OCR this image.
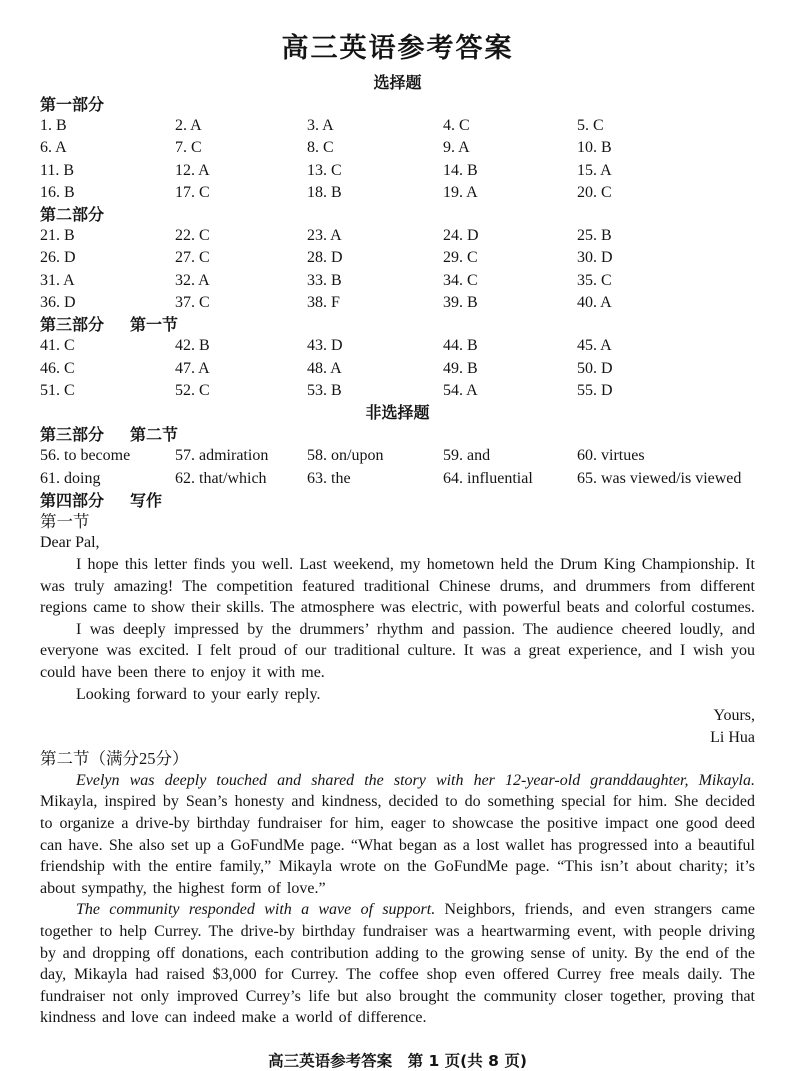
高三英语参考答案
选择题
第一部分
1. B	2. A	3. A	4. C	5. C
6. A	7. C	8. C	9. A	10. B
11. B	12. A	13. C	14. B	15. A
16. B	17. C	18. B	19. A	20. C
第二部分
21. B	22. C	23. A	24. D	25. B
26. D	27. C	28. D	29. C	30. D
31. A	32. A	33. B	34. C	35. C
36. D	37. C	38. F	39. B	40. A
第三部分 第一节
41. C	42. B	43. D	44. B	45. A
46. C	47. A	48. A	49. B	50. D
51. C	52. C	53. B	54. A	55. D
非选择题
第三部分 第二节
56. to become	57. admiration	58. on/upon	59. and	60. virtues
61. doing	62. that/which	63. the	64. influential	65. was viewed/is viewed
第四部分 写作
第一节
Dear Pal,

I hope this letter finds you well. Last weekend, my hometown held the Drum King Championship. It was truly amazing! The competition featured traditional Chinese drums, and drummers from different regions came to show their skills. The atmosphere was electric, with powerful beats and colorful costumes.

I was deeply impressed by the drummers’ rhythm and passion. The audience cheered loudly, and everyone was excited. I felt proud of our traditional culture. It was a great experience, and I wish you could have been there to enjoy it with me.

Looking forward to your early reply.

Yours,
Li Hua
第二节（满分25分）

Evelyn was deeply touched and shared the story with her 12-year-old granddaughter, Mikayla. Mikayla, inspired by Sean’s honesty and kindness, decided to do something special for him. She decided to organize a drive-by birthday fundraiser for him, eager to showcase the positive impact one good deed can have. She also set up a GoFundMe page. “What began as a lost wallet has progressed into a beautiful friendship with the entire family,” Mikayla wrote on the GoFundMe page. “This isn’t about charity; it’s about sympathy, the highest form of love.”

The community responded with a wave of support. Neighbors, friends, and even strangers came together to help Currey. The drive-by birthday fundraiser was a heartwarming event, with people driving by and dropping off donations, each contribution adding to the growing sense of unity. By the end of the day, Mikayla had raised $3,000 for Currey. The coffee shop even offered Currey free meals daily. The fundraiser not only improved Currey’s life but also brought the community closer together, proving that kindness and love can indeed make a world of difference.

高三英语参考答案　第 1 页(共 8 页)
